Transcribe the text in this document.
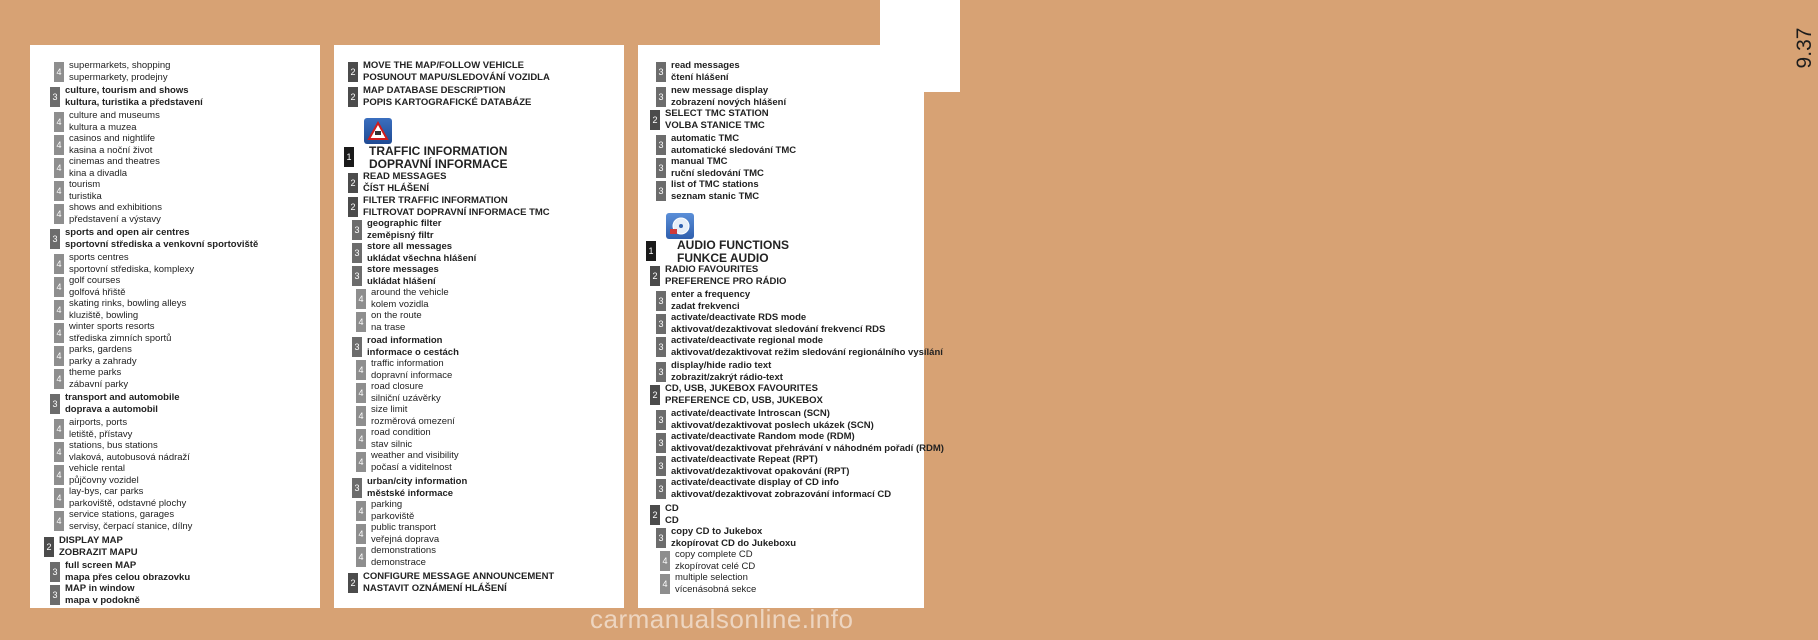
9.37
4
supermarkets, shopping
supermarkety, prodejny
3
culture, tourism and shows
kultura, turistika a představení
4
culture and museums
kultura a muzea
4
casinos and nightlife
kasina a noční život
4
cinemas and theatres
kina a divadla
4
tourism
turistika
4
shows and exhibitions
představení a výstavy
3
sports and open air centres
sportovní střediska a venkovní sportoviště
4
sports centres
sportovní střediska, komplexy
4
golf courses
golfová hřiště
4
skating rinks, bowling alleys
kluziště, bowling
4
winter sports resorts
střediska zimních sportů
4
parks, gardens
parky a zahrady
4
theme parks
zábavní parky
3
transport and automobile
doprava a automobil
4
airports, ports
letiště, přístavy
4
stations, bus stations
vlaková, autobusová nádraží
4
vehicle rental
půjčovny vozidel
4
lay-bys, car parks
parkoviště, odstavné plochy
4
service stations, garages
servisy, čerpací stanice, dílny
2
DISPLAY MAP
ZOBRAZIT MAPU
3
full screen MAP
mapa přes celou obrazovku
3
MAP in window
mapa v podokně
2
MOVE THE MAP/FOLLOW VEHICLE
POSUNOUT MAPU/SLEDOVÁNÍ VOZIDLA
2
MAP DATABASE DESCRIPTION
POPIS KARTOGRAFICKÉ DATABÁZE
1 TRAFFIC INFORMATION
DOPRAVNÍ INFORMACE
2
READ MESSAGES
ČÍST HLÁŠENÍ
2
FILTER TRAFFIC INFORMATION
FILTROVAT DOPRAVNÍ INFORMACE TMC
3
geographic filter
zeměpisný filtr
3
store all messages
ukládat všechna hlášení
3
store messages
ukládat hlášení
4
around the vehicle
kolem vozidla
4
on the route
na trase
3
road information
informace o cestách
4
traffic information
dopravní informace
4
road closure
silniční uzávěrky
4
size limit
rozměrová omezení
4
road condition
stav silnic
4
weather and visibility
počasí a viditelnost
3
urban/city information
městské informace
4
parking
parkoviště
4
public transport
veřejná doprava
4
demonstrations
demonstrace
2
CONFIGURE MESSAGE ANNOUNCEMENT
NASTAVIT OZNÁMENÍ HLÁŠENÍ
3
read messages
čtení hlášení
3
new message display
zobrazení nových hlášení
2
SELECT TMC STATION
VOLBA STANICE TMC
3
automatic TMC
automatické sledování TMC
3
manual TMC
ruční sledování TMC
3
list of TMC stations
seznam stanic TMC
1 AUDIO FUNCTIONS
FUNKCE AUDIO
2
RADIO FAVOURITES
PREFERENCE PRO RÁDIO
3
enter a frequency
zadat frekvenci
3
activate/deactivate RDS mode
aktivovat/dezaktivovat sledování frekvencí RDS
3
activate/deactivate regional mode
aktivovat/dezaktivovat režim sledování regionálního vysílání
3
display/hide radio text
zobrazit/zakrýt rádio-text
2
CD, USB, JUKEBOX FAVOURITES
PREFERENCE CD, USB, JUKEBOX
3
activate/deactivate Introscan (SCN)
aktivovat/dezaktivovat poslech ukázek (SCN)
3
activate/deactivate Random mode (RDM)
aktivovat/dezaktivovat přehrávání v náhodném pořadí (RDM)
3
activate/deactivate Repeat (RPT)
aktivovat/dezaktivovat opakování (RPT)
3
activate/deactivate display of CD info
aktivovat/dezaktivovat zobrazování informací CD
2
CD
CD
3
copy CD to Jukebox
zkopírovat CD do Jukeboxu
4
copy complete CD
zkopírovat celé CD
4
multiple selection
vícenásobná sekce
carmanualsonline.info
